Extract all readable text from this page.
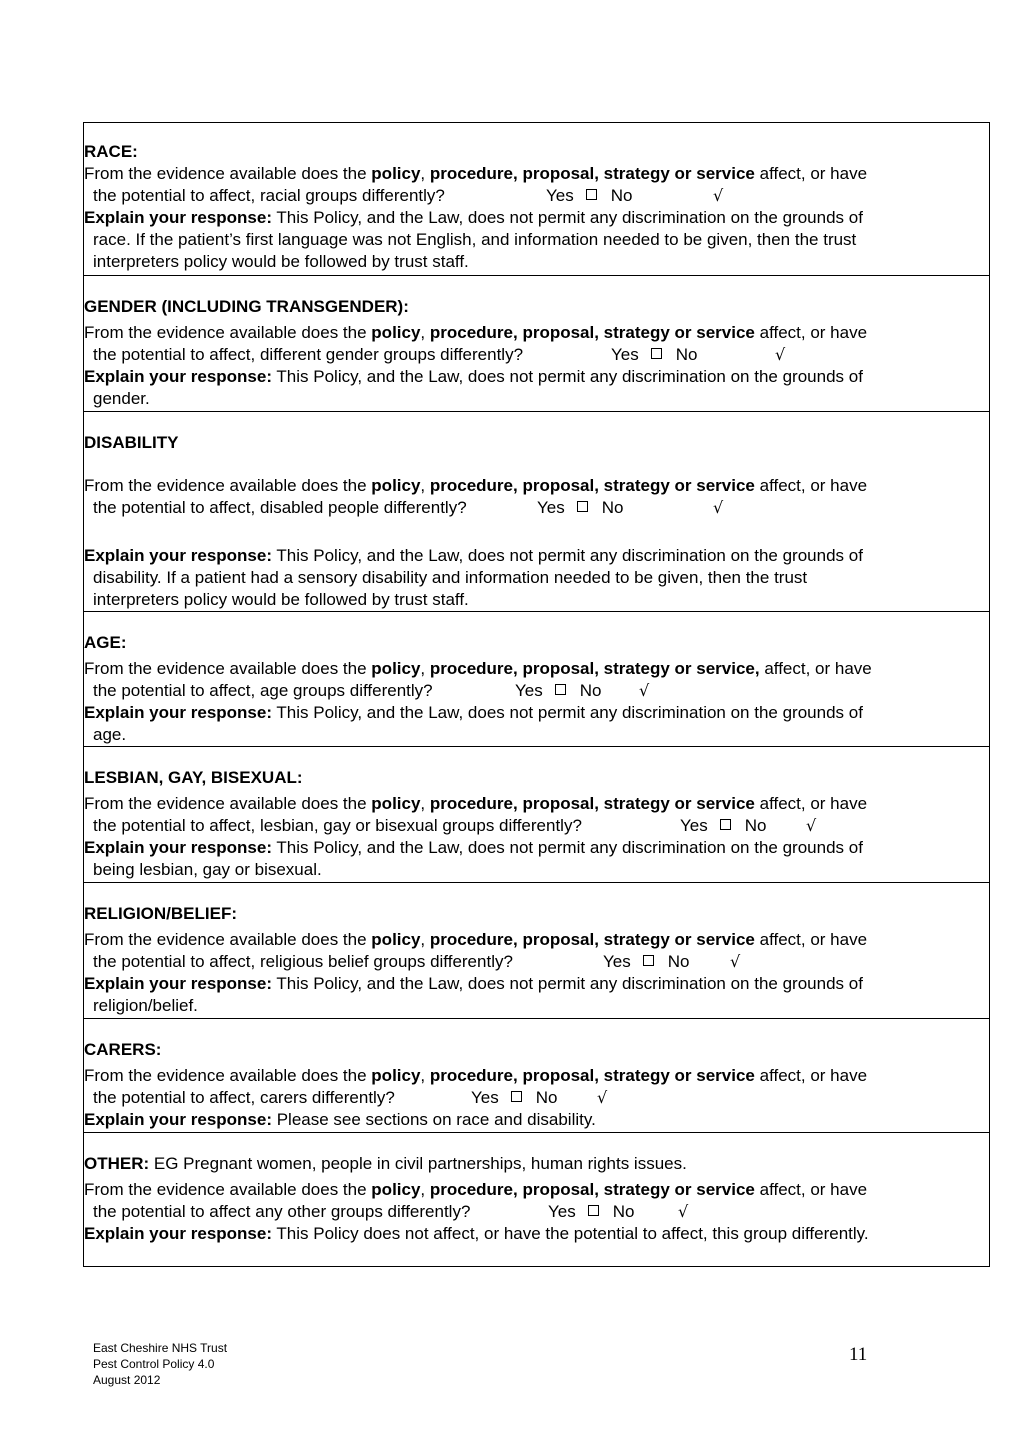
RACE:
From the evidence available does the policy, procedure, proposal, strategy or service affect, or have
the potential to affect, racial groups differently?	Yes No	√
Explain your response: This Policy, and the Law, does not permit any discrimination on the grounds of
race. If the patient’s first language was not English, and information needed to be given, then the trust
interpreters policy would be followed by trust staff.
GENDER (INCLUDING TRANSGENDER):
From the evidence available does the policy, procedure, proposal, strategy or service affect, or have
the potential to affect, different gender groups differently?	Yes No	√
Explain your response: This Policy, and the Law, does not permit any discrimination on the grounds of
gender.
DISABILITY
From the evidence available does the policy, procedure, proposal, strategy or service affect, or have
the potential to affect, disabled people differently?	Yes No	√
Explain your response: This Policy, and the Law, does not permit any discrimination on the grounds of
disability. If a patient had a sensory disability and information needed to be given, then the trust
interpreters policy would be followed by trust staff.
AGE:
From the evidence available does the policy, procedure, proposal, strategy or service, affect, or have
the potential to affect, age groups differently?	Yes No √
Explain your response: This Policy, and the Law, does not permit any discrimination on the grounds of
age.
LESBIAN, GAY, BISEXUAL:
From the evidence available does the policy, procedure, proposal, strategy or service affect, or have
the potential to affect, lesbian, gay or bisexual groups differently?	Yes No √
Explain your response: This Policy, and the Law, does not permit any discrimination on the grounds of
being lesbian, gay or bisexual.
RELIGION/BELIEF:
From the evidence available does the policy, procedure, proposal, strategy or service affect, or have
the potential to affect, religious belief groups differently?	Yes No	√
Explain your response: This Policy, and the Law, does not permit any discrimination on the grounds of
religion/belief.
CARERS:
From the evidence available does the policy, procedure, proposal, strategy or service affect, or have
the potential to affect, carers differently?	Yes No √
Explain your response: Please see sections on race and disability.
OTHER: EG Pregnant women, people in civil partnerships, human rights issues.
From the evidence available does the policy, procedure, proposal, strategy or service affect, or have
the potential to affect any other groups differently?	Yes No	√
Explain your response: This Policy does not affect, or have the potential to affect, this group differently.
East Cheshire NHS Trust
Pest Control Policy 4.0
August 2012
11
